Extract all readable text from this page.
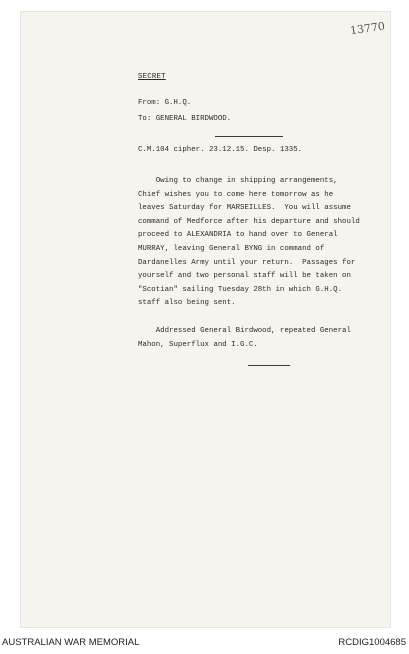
13770
SECRET
From: G.H.Q.
To: GENERAL BIRDWOOD.
C.M.104 cipher. 23.12.15. Desp. 1335.
Owing to change in shipping arrangements,
Chief wishes you to come here tomorrow as he
leaves Saturday for MARSEILLES.  You will assume
command of Medforce after his departure and should
proceed to ALEXANDRIA to hand over to General
MURRAY, leaving General BYNG in command of
Dardanelles Army until your return.  Passages for
yourself and two personal staff will be taken on
"Scotian" sailing Tuesday 28th in which G.H.Q.
staff also being sent.
Addressed General Birdwood, repeated General
Mahon, Superflux and I.G.C.
AUSTRALIAN WAR MEMORIAL	RCDIG1004685
